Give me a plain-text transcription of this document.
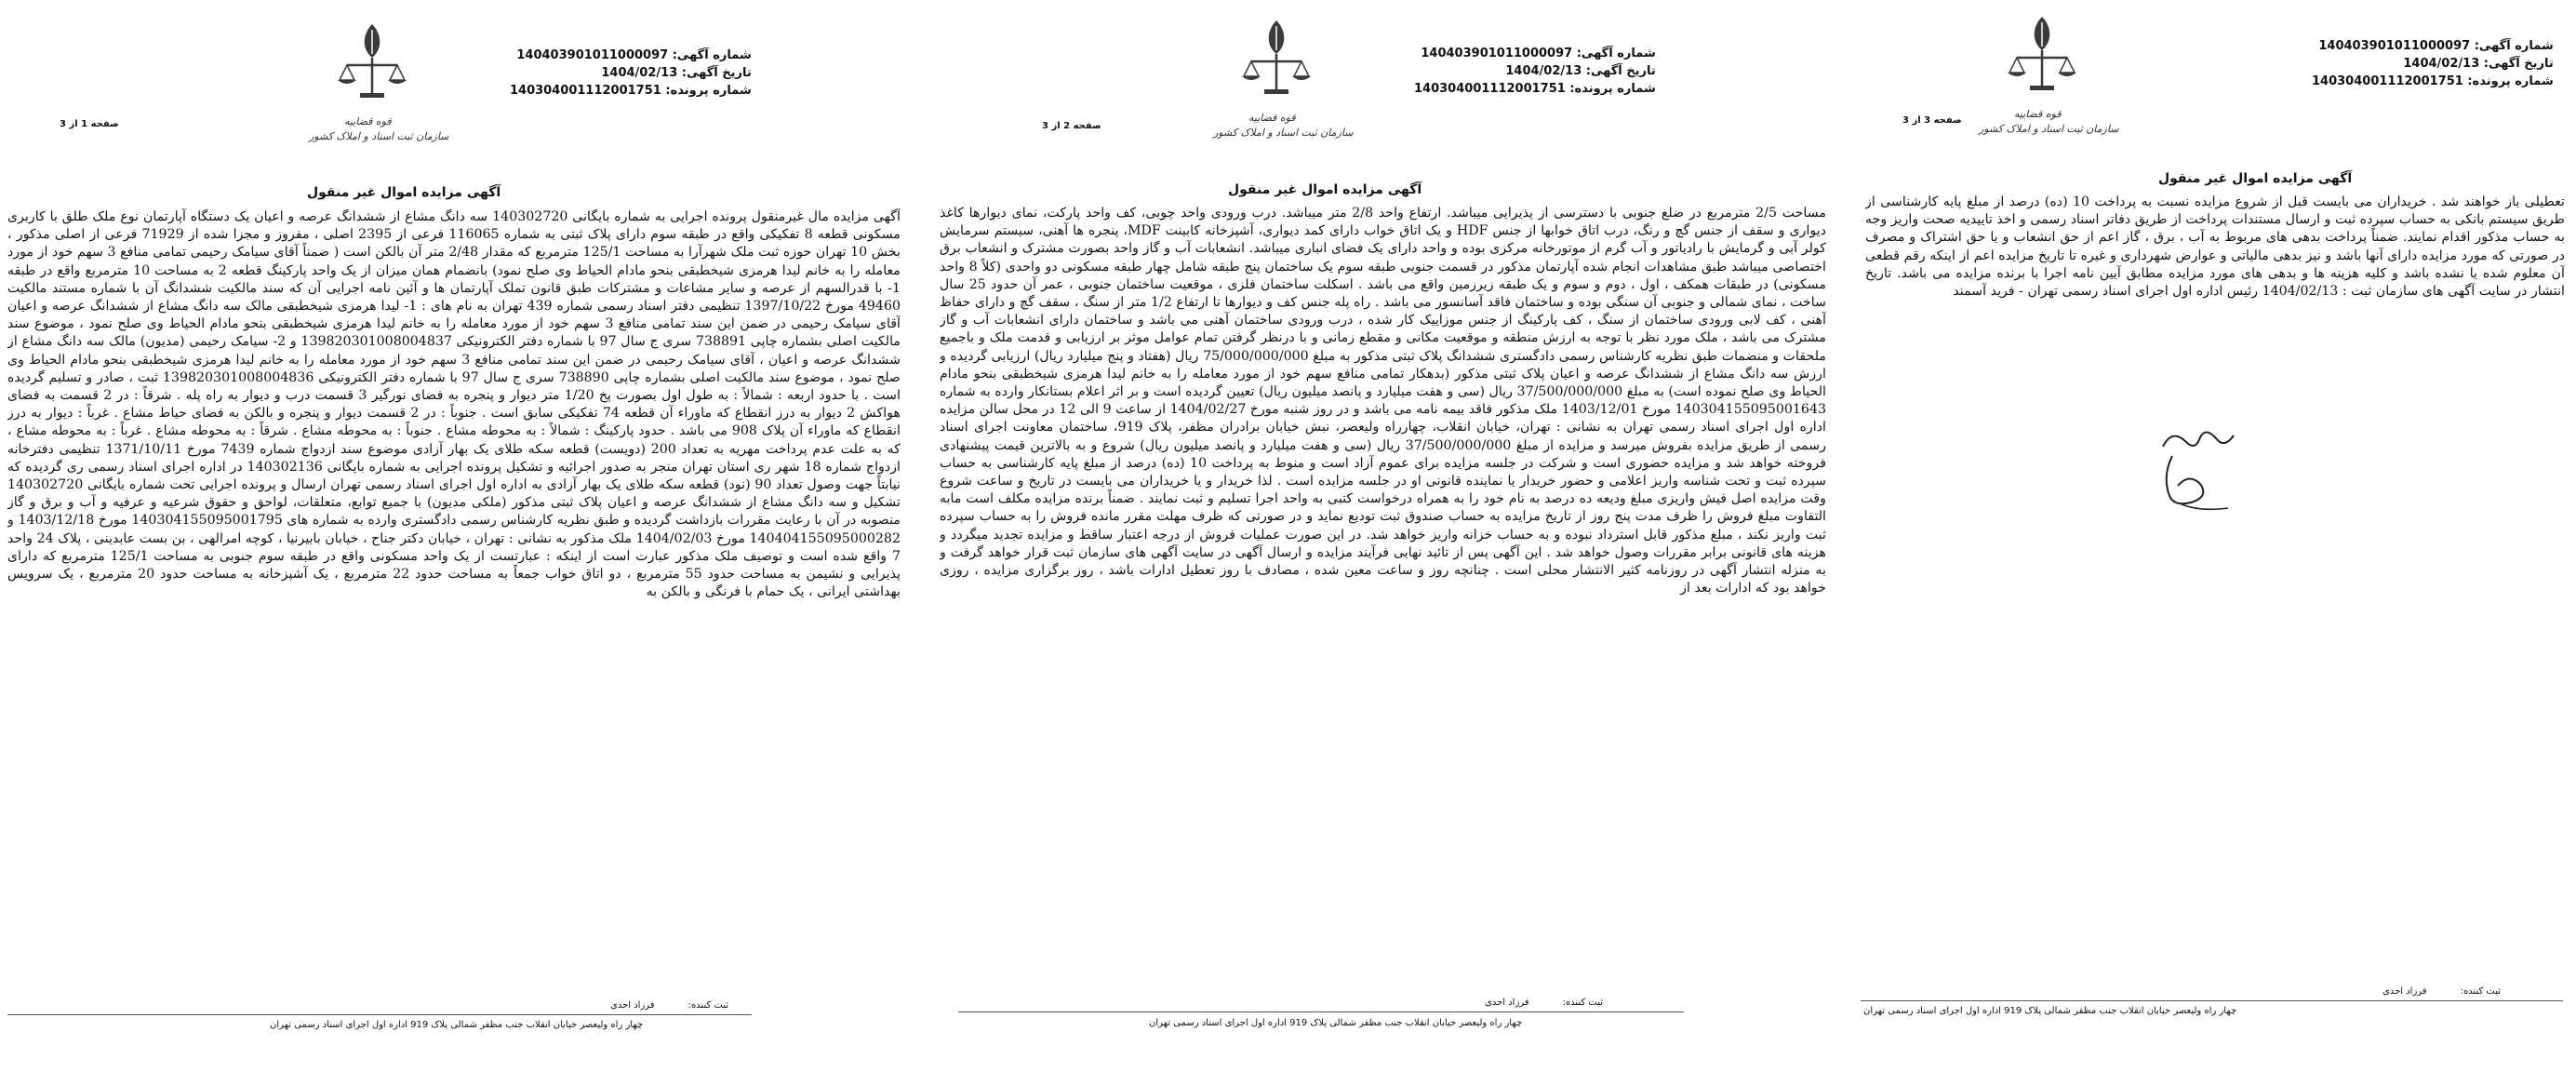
قوه قضاییه
سازمان ثبت اسناد و املاک کشور
شماره آگهی: 140403901011000097
تاریخ آگهی: 1404/02/13
شماره پرونده: 140304001112001751
صفحه 1 از 3
آگهی مزایده اموال غیر منقول
آگهی مزایده مال غیرمنقول پرونده اجرایی به شماره بایگانی 140302720 سه دانگ مشاع از ششدانگ عرصه و اعیان یک دستگاه آپارتمان نوع ملک طلق با کاربری مسکونی قطعه 8 تفکیکی واقع در طبقه سوم دارای پلاک ثبتی به شماره 116065 فرعی از 2395 اصلی ، مفروز و مجزا شده از 71929 فرعی از اصلی مذکور ، بخش 10 تهران حوزه ثبت ملک شهرآرا به مساحت 125/1 مترمربع که مقدار 2/48 متر آن بالکن است ( ضمناً آقای سیامک رحیمی تمامی منافع 3 سهم خود از مورد معامله را به خانم لیدا هرمزی شیخطبقی بنحو مادام الحیاط وی صلح نمود) بانضمام همان میزان از یک واحد پارکینگ قطعه 2 به مساحت 10 مترمربع واقع در طبقه 1- با قدرالسهم از عرصه و سایر مشاعات و مشترکات طبق قانون تملک آپارتمان ها و آئین نامه اجرایی آن که سند مالکیت ششدانگ آن با شماره مستند مالکیت 49460 مورخ 1397/10/22 تنظیمی دفتر اسناد رسمی شماره 439 تهران به نام های : 1- لیدا هرمزی شیخطبقی مالک سه دانگ مشاع از ششدانگ عرصه و اعیان آقای سیامک رحیمی در ضمن این سند تمامی منافع 3 سهم خود از مورد معامله را به خانم لیدا هرمزی شیخطبقی بنحو مادام الحیاط وی صلح نمود ، موضوع سند مالکیت اصلی بشماره چاپی 738891 سری ج سال 97 با شماره دفتر الکترونیکی 139820301008004837 و 2- سیامک رحیمی (مدیون) مالک سه دانگ مشاع از ششدانگ عرصه و اعیان ، آقای سیامک رحیمی در ضمن این سند تمامی منافع 3 سهم خود از مورد معامله را به خانم لیدا هرمزی شیخطبقی بنحو مادام الحیاط وی صلح نمود ، موضوع سند مالکیت اصلی بشماره چاپی 738890 سری ج سال 97 با شماره دفتر الکترونیکی 139820301008004836 ثبت ، صادر و تسلیم گردیده است . با حدود اربعه : شمالاً : به طول اول بصورت پخ 1/20 متر دیوار و پنجره به فضای نورگیر 3 قسمت درب و دیوار به راه پله . شرقاً : در 2 قسمت به فضای هواکش 2 دیوار به درز انقطاع که ماوراء آن قطعه 74 تفکیکی سابق است . جنوباً : در 2 قسمت دیوار و پنجره و بالکن به فضای حیاط مشاع . غرباً : دیوار به درز انقطاع که ماوراء آن پلاک 908 می باشد . حدود پارکینگ : شمالاً : به محوطه مشاع . جنوباً : به محوطه مشاع . شرقاً : به محوطه مشاع . غرباً : به محوطه مشاع ، که به علت عدم پرداخت مهریه به تعداد 200 (دویست) قطعه سکه طلای یک بهار آزادی موضوع سند ازدواج شماره 7439 مورخ 1371/10/11 تنظیمی دفترخانه ازدواج شماره 18 شهر ری استان تهران منجر به صدور اجرائیه و تشکیل پرونده اجرایی به شماره بایگانی 140302136 در اداره اجرای اسناد رسمی ری گردیده که نیابتاً جهت وصول تعداد 90 (نود) قطعه سکه طلای یک بهار آزادی به اداره اول اجرای اسناد رسمی تهران ارسال و پرونده اجرایی تحت شماره بایگانی 140302720 تشکیل و سه دانگ مشاع از ششدانگ عرصه و اعیان پلاک ثبتی مذکور (ملکی مدیون) با جمیع توابع، متعلقات، لواحق و حقوق شرعیه و عرفیه و آب و برق و گاز منصوبه در آن با رعایت مقررات بازداشت گردیده و طبق نظریه کارشناس رسمی دادگستری وارده به شماره های 140304155095001795 مورخ 1403/12/18 و 140404155095000282 مورخ 1404/02/03 ملک مذکور به نشانی : تهران ، خیابان دکتر جناح ، خیابان بابیرنیا ، کوچه امرالهی ، بن بست عابدینی ، پلاک 24 واحد 7 واقع شده است و توصیف ملک مذکور عبارت است از اینکه : عبارتست از یک واحد مسکونی واقع در طبقه سوم جنوبی به مساحت 125/1 مترمربع که دارای پذیرایی و نشیمن به مساحت حدود 55 مترمربع ، دو اتاق خواب جمعاً به مساحت حدود 22 مترمربع ، یک آشپزخانه به مساحت حدود 20 مترمربع ، یک سرویس بهداشتی ایرانی ، یک حمام با فرنگی و بالکن به
ثبت کننده:فرزاد احدی
چهار راه ولیعصر خیابان انقلاب جنب مظفر شمالی پلاک 919 اداره اول اجرای اسناد رسمی تهران
قوه قضاییه
سازمان ثبت اسناد و املاک کشور
شماره آگهی: 140403901011000097
تاریخ آگهی: 1404/02/13
شماره پرونده: 140304001112001751
صفحه 2 از 3
آگهی مزایده اموال غیر منقول
مساحت 2/5 مترمربع در ضلع جنوبی با دسترسی از پذیرایی میباشد. ارتفاع واحد 2/8 متر میباشد. درب ورودی واحد چوبی، کف واحد پارکت، نمای دیوارها کاغذ دیواری و سقف از جنس گچ و رنگ، درب اتاق خوابها از جنس HDF و یک اتاق خواب دارای کمد دیواری، آشپزخانه کابینت MDF، پنجره ها آهنی، سیستم سرمایش کولر آبی و گرمایش با رادیاتور و آب گرم از موتورخانه مرکزی بوده و واحد دارای یک فضای انباری میباشد. انشعابات آب و گاز واحد بصورت مشترک و انشعاب برق اختصاصی میباشد طبق مشاهدات انجام شده آپارتمان مذکور در قسمت جنوبی طبقه سوم یک ساختمان پنج طبقه شامل چهار طبقه مسکونی دو واحدی (کلاً 8 واحد مسکونی) در طبقات همکف ، اول ، دوم و سوم و یک طبقه زیرزمین واقع می باشد . اسکلت ساختمان فلزی ، موقعیت ساختمان جنوبی ، عمر آن حدود 25 سال ساخت ، نمای شمالی و جنوبی آن سنگی بوده و ساختمان فاقد آسانسور می باشد . راه پله جنس کف و دیوارها تا ارتفاع 1/2 متر از سنگ ، سقف گچ و دارای حفاظ آهنی ، کف لابی ورودی ساختمان از سنگ ، کف پارکینگ از جنس موزاییک کار شده ، درب ورودی ساختمان آهنی می باشد و ساختمان دارای انشعابات آب و گاز مشترک می باشد ، ملک مورد نظر با توجه به ارزش منطقه و موقعیت مکانی و مقطع زمانی و با درنظر گرفتن تمام عوامل موثر بر ارزیابی و قدمت ملک و باجمیع ملحقات و منضمات طبق نظریه کارشناس رسمی دادگستری ششدانگ پلاک ثبتی مذکور به مبلغ 75/000/000/000 ریال (هفتاد و پنج میلیارد ریال) ارزیابی گردیده و ارزش سه دانگ مشاع از ششدانگ عرصه و اعیان پلاک ثبتی مذکور (بدهکار تمامی منافع سهم خود از مورد معامله را به خانم لیدا هرمزی شیخطبقی بنحو مادام الحیاط وی صلح نموده است) به مبلغ 37/500/000/000 ریال (سی و هفت میلیارد و پانصد میلیون ریال) تعیین گردیده است و بر اثر اعلام بستانکار وارده به شماره 140304155095001643 مورخ 1403/12/01 ملک مذکور فاقد بیمه نامه می باشد و در روز شنبه مورخ 1404/02/27 از ساعت 9 الی 12 در محل سالن مزایده اداره اول اجرای اسناد رسمی تهران به نشانی : تهران، خیابان انقلاب، چهارراه ولیعصر، نبش خیابان برادران مظفر، پلاک 919، ساختمان معاونت اجرای اسناد رسمی از طریق مزایده بفروش میرسد و مزایده از مبلغ 37/500/000/000 ریال (سی و هفت میلیارد و پانصد میلیون ریال) شروع و به بالاترین قیمت پیشنهادی فروخته خواهد شد و مزایده حضوری است و شرکت در جلسه مزایده برای عموم آزاد است و منوط به پرداخت 10 (ده) درصد از مبلغ پایه کارشناسی به حساب سپرده ثبت و تحت شناسه واریز اعلامی و حضور خریدار یا نماینده قانونی او در جلسه مزایده است . لذا خریدار و یا خریداران می بایست در تاریخ و ساعت شروع وقت مزایده اصل فیش واریزی مبلغ ودیعه ده درصد به نام خود را به همراه درخواست کتبی به واحد اجرا تسلیم و ثبت نمایند . ضمناً برنده مزایده مکلف است مابه التفاوت مبلغ فروش را ظرف مدت پنج روز از تاریخ مزایده به حساب صندوق ثبت تودیع نماید و در صورتی که ظرف مهلت مقرر مانده فروش را به حساب سپرده ثبت واریز نکند ، مبلغ مذکور قابل استرداد نبوده و به حساب خزانه واریز خواهد شد. در این صورت عملیات فروش از درجه اعتبار ساقط و مزایده تجدید میگردد و هزینه های قانونی برابر مقررات وصول خواهد شد . این آگهی پس از تائید نهایی فرآیند مزایده و ارسال آگهی در سایت آگهی های سازمان ثبت قرار خواهد گرفت و به منزله انتشار آگهی در روزنامه کثیر الانتشار محلی است . چنانچه روز و ساعت معین شده ، مصادف با روز تعطیل ادارات باشد ، روز برگزاری مزایده ، روزی خواهد بود که ادارات بعد از
ثبت کننده:فرزاد احدی
چهار راه ولیعصر خیابان انقلاب جنب مظفر شمالی پلاک 919 اداره اول اجرای اسناد رسمی تهران
قوه قضاییه
سازمان ثبت اسناد و املاک کشور
شماره آگهی: 140403901011000097
تاریخ آگهی: 1404/02/13
شماره پرونده: 140304001112001751
صفحه 3 از 3
آگهی مزایده اموال غیر منقول
تعطیلی باز خواهند شد . خریداران می بایست قبل از شروع مزایده نسبت به پرداخت 10 (ده) درصد از مبلغ پایه کارشناسی از طریق سیستم بانکی به حساب سپرده ثبت و ارسال مستندات پرداخت از طریق دفاتر اسناد رسمی و اخذ تاییدیه صحت واریز وجه به حساب مذکور اقدام نمایند. ضمناً پرداخت بدهی های مربوط به آب ، برق ، گاز اعم از حق انشعاب و یا حق اشتراک و مصرف در صورتی که مورد مزایده دارای آنها باشد و نیز بدهی مالیاتی و عوارض شهرداری و غیره تا تاریخ مزایده اعم از اینکه رقم قطعی آن معلوم شده یا نشده باشد و کلیه هزینه ها و بدهی های مورد مزایده مطابق آیین نامه اجرا با برنده مزایده می باشد. تاریخ انتشار در سایت آگهی های سازمان ثبت : 1404/02/13 رئیس اداره اول اجرای اسناد رسمی تهران - فرید آسمند
ثبت کننده:فرزاد احدی
چهار راه ولیعصر خیابان انقلاب جنب مظفر شمالی پلاک 919 اداره اول اجرای اسناد رسمی تهران
